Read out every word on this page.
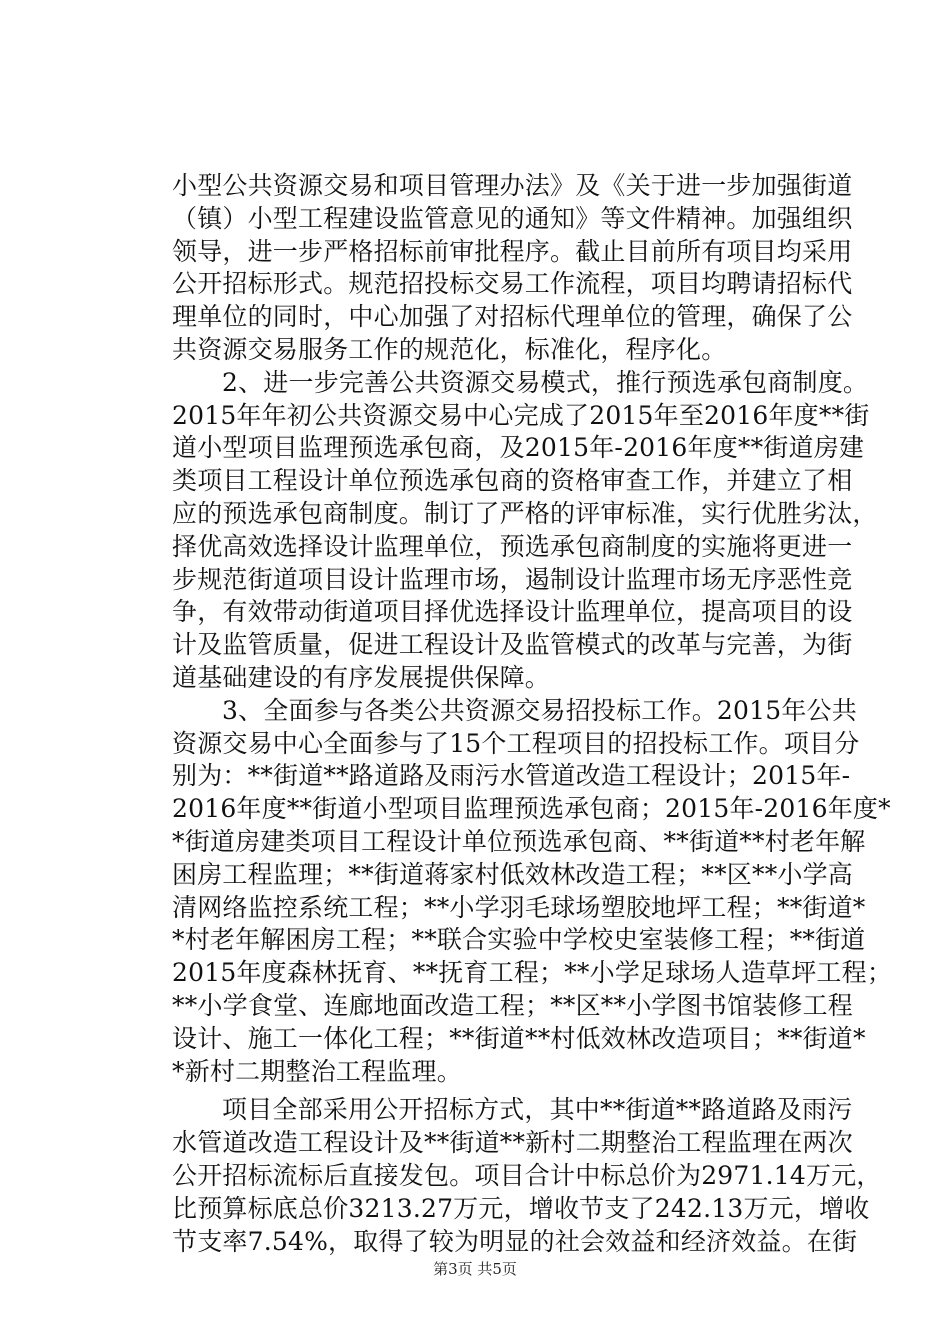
小型公共资源交易和项目管理办法》及《关于进一步加强街道
（镇）小型工程建设监管意见的通知》等文件精神。加强组织
领导，进一步严格招标前审批程序。截止目前所有项目均采用
公开招标形式。规范招投标交易工作流程，项目均聘请招标代
理单位的同时，中心加强了对招标代理单位的管理，确保了公
共资源交易服务工作的规范化，标准化，程序化。
2、进一步完善公共资源交易模式，推行预选承包商制度。
2015年年初公共资源交易中心完成了2015年至2016年度**街
道小型项目监理预选承包商，及2015年-2016年度**街道房建
类项目工程设计单位预选承包商的资格审查工作，并建立了相
应的预选承包商制度。制订了严格的评审标准，实行优胜劣汰，
择优高效选择设计监理单位，预选承包商制度的实施将更进一
步规范街道项目设计监理市场，遏制设计监理市场无序恶性竞
争，有效带动街道项目择优选择设计监理单位，提高项目的设
计及监管质量，促进工程设计及监管模式的改革与完善，为街
道基础建设的有序发展提供保障。
3、全面参与各类公共资源交易招投标工作。2015年公共
资源交易中心全面参与了15个工程项目的招投标工作。项目分
别为：**街道**路道路及雨污水管道改造工程设计；2015年-
2016年度**街道小型项目监理预选承包商；2015年-2016年度*
*街道房建类项目工程设计单位预选承包商、**街道**村老年解
困房工程监理；**街道蒋家村低效林改造工程；**区**小学高
清网络监控系统工程；**小学羽毛球场塑胶地坪工程；**街道*
*村老年解困房工程；**联合实验中学校史室装修工程；**街道
2015年度森林抚育、**抚育工程；**小学足球场人造草坪工程；
**小学食堂、连廊地面改造工程；**区**小学图书馆装修工程
设计、施工一体化工程；**街道**村低效林改造项目；**街道*
*新村二期整治工程监理。
项目全部采用公开招标方式，其中**街道**路道路及雨污
水管道改造工程设计及**街道**新村二期整治工程监理在两次
公开招标流标后直接发包。项目合计中标总价为2971.14万元，
比预算标底总价3213.27万元，增收节支了242.13万元，增收
节支率7.54%，取得了较为明显的社会效益和经济效益。在街
第3页 共5页
